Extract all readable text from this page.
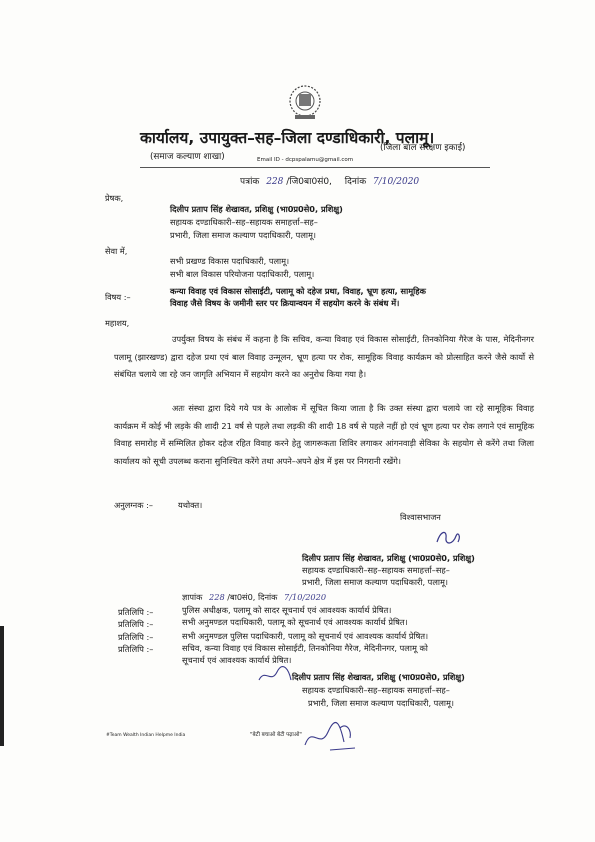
कार्यालय, उपायुक्त–सह–जिला दण्डाधिकारी, पलामू।
(समाज कल्याण शाखा)
(जिला बाल संरक्षण इकाई)
Email ID - dcpspalamu@gmail.com
पत्रांक 228 /जि0बा0सं0, दिनांक 7/10/2020
प्रेषक,
दिलीप प्रताप सिंह शेखावत, प्रशिक्षु (भा0प्र0से0, प्रशिक्षु)
सहायक दण्डाधिकारी–सह–सहायक समाहर्त्ता–सह–
प्रभारी, जिला समाज कल्याण पदाधिकारी, पलामू।
सेवा में,
सभी प्रखण्ड विकास पदाधिकारी, पलामू।
सभी बाल विकास परियोजना पदाधिकारी, पलामू।
विषय :–
कन्या विवाह एवं विकास सोसाईटी, पलामू को दहेज प्रथा, विवाह, भ्रूण हत्या, सामूहिक
विवाह जैसे विषय के जमीनी स्तर पर क्रियान्वयन में सहयोग करने के संबंध में।
महाशय,
उपर्युक्त विषय के संबंध में कहना है कि सचिव, कन्या विवाह एवं विकास सोसाईटी, तिनकोनिया गैरेज के पास, मेदिनीनगर पलामू (झारखण्ड) द्वारा दहेज प्रथा एवं बाल विवाह उन्मूलन, भ्रूण हत्या पर रोक, सामूहिक विवाह कार्यक्रम को प्रोत्साहित करने जैसे कार्यो से संबंधित चलाये जा रहे जन जागृति अभियान में सहयोग करने का अनुरोध किया गया है।
अतः संस्था द्वारा दिये गये पत्र के आलोक में सूचित किया जाता है कि उक्त संस्था द्वारा चलाये जा रहे सामूहिक विवाह कार्यक्रम में कोई भी लड़के की शादी 21 वर्ष से पहले तथा लड़की की शादी 18 वर्ष से पहले नहीं हो एवं भ्रूण हत्या पर रोक लगाने एवं सामूहिक विवाह समारोह में सम्मिलित होकर दहेज रहित विवाह करने हेतु जागरूकता शिविर लगाकर आंगनवाड़ी सेविका के सहयोग से करेंगे तथा जिला कार्यालय को सूची उपलब्ध कराना सुनिश्चित करेंगे तथा अपने–अपने क्षेत्र में इस पर निगरानी रखेंगे।
अनुलग्नक :–	यथोक्त।
विश्वासभाजन
दिलीप प्रताप सिंह शेखावत, प्रशिक्षु (भा0प्र0से0, प्रशिक्षु)
सहायक दण्डाधिकारी–सह–सहायक समाहर्त्ता–सह–
प्रभारी, जिला समाज कल्याण पदाधिकारी, पलामू।
ज्ञापांक 228 /बा0सं0, दिनांक 7/10/2020
प्रतिलिपि :–	पुलिस अधीक्षक, पलामू को सादर सूचनार्थ एवं आवश्यक कार्यार्थ प्रेषित।
प्रतिलिपि :–	सभी अनुमण्डल पदाधिकारी, पलामू को सूचनार्थ एवं आवश्यक कार्यार्थ प्रेषित।
प्रतिलिपि :–	सभी अनुमण्डल पुलिस पदाधिकारी, पलामू को सूचनार्थ एवं आवश्यक कार्यार्थ प्रेषित।
प्रतिलिपि :–	सचिव, कन्या विवाह एवं विकास सोसाईटी, तिनकोनिया गैरेज, मेदिनीनगर, पलामू को
सूचनार्थ एवं आवश्यक कार्यार्थ प्रेषित।
दिलीप प्रताप सिंह शेखावत, प्रशिक्षु (भा0प्र0से0, प्रशिक्षु)
सहायक दण्डाधिकारी–सह–सहायक समाहर्त्ता–सह–
प्रभारी, जिला समाज कल्याण पदाधिकारी, पलामू।
#Team Wealth Indian Helpme India	"बेटी बचाओ बेटी पढ़ाओ"
